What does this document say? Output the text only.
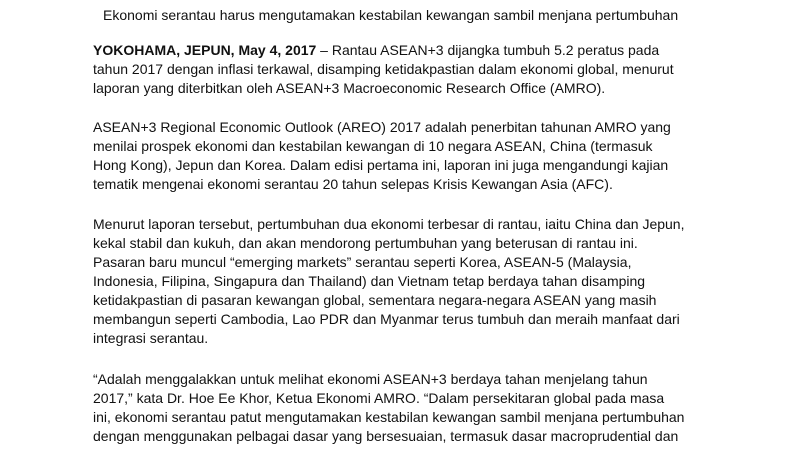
Ekonomi serantau harus mengutamakan kestabilan kewangan sambil menjana pertumbuhan
YOKOHAMA, JEPUN, May 4, 2017 – Rantau ASEAN+3 dijangka tumbuh 5.2 peratus pada
tahun 2017 dengan inflasi terkawal, disamping ketidakpastian dalam ekonomi global, menurut
laporan yang diterbitkan oleh ASEAN+3 Macroeconomic Research Office (AMRO).
ASEAN+3 Regional Economic Outlook (AREO) 2017 adalah penerbitan tahunan AMRO yang
menilai prospek ekonomi dan kestabilan kewangan di 10 negara ASEAN, China (termasuk
Hong Kong), Jepun dan Korea. Dalam edisi pertama ini, laporan ini juga mengandungi kajian
tematik mengenai ekonomi serantau 20 tahun selepas Krisis Kewangan Asia (AFC).
Menurut laporan tersebut, pertumbuhan dua ekonomi terbesar di rantau, iaitu China dan Jepun,
kekal stabil dan kukuh, dan akan mendorong pertumbuhan yang beterusan di rantau ini.
Pasaran baru muncul “emerging markets” serantau seperti Korea, ASEAN-5 (Malaysia,
Indonesia, Filipina, Singapura dan Thailand) dan Vietnam tetap berdaya tahan disamping
ketidakpastian di pasaran kewangan global, sementara negara-negara ASEAN yang masih
membangun seperti Cambodia, Lao PDR dan Myanmar terus tumbuh dan meraih manfaat dari
integrasi serantau.
“Adalah menggalakkan untuk melihat ekonomi ASEAN+3 berdaya tahan menjelang tahun
2017,” kata Dr. Hoe Ee Khor, Ketua Ekonomi AMRO. “Dalam persekitaran global pada masa
ini, ekonomi serantau patut mengutamakan kestabilan kewangan sambil menjana pertumbuhan
dengan menggunakan pelbagai dasar yang bersesuaian, termasuk dasar macroprudential dan
